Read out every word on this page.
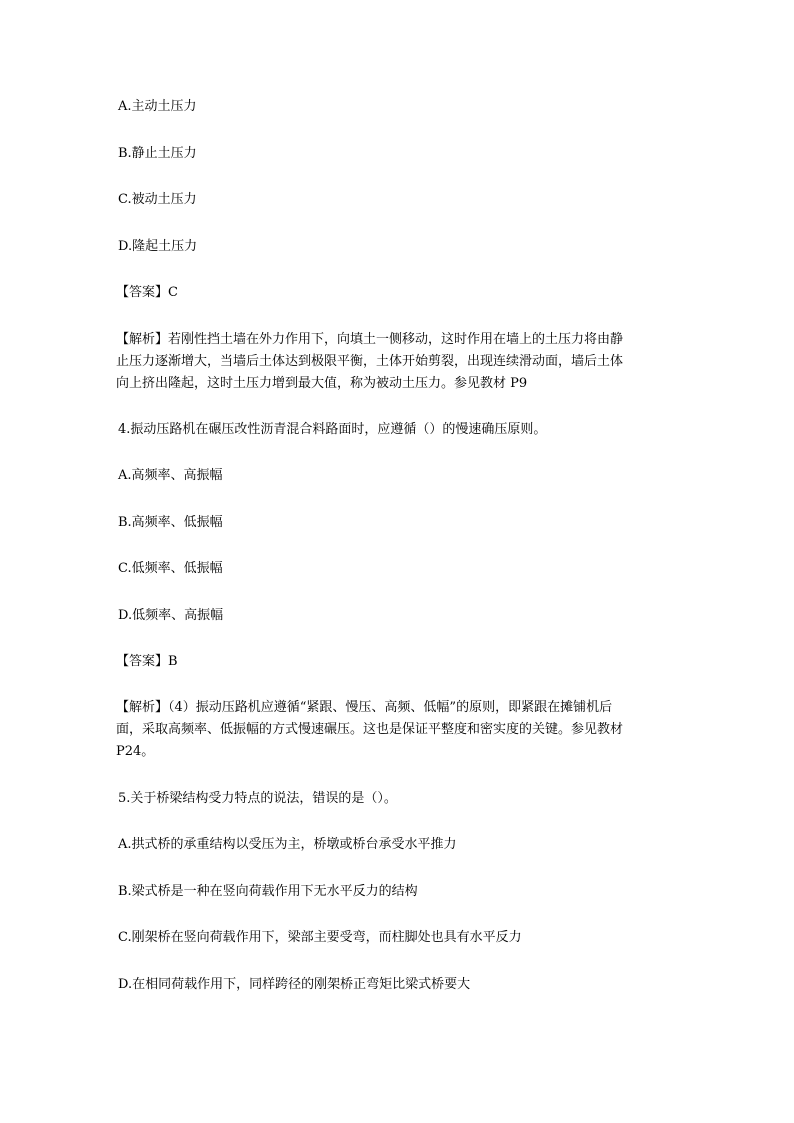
A.主动土压力
B.静止土压力
C.被动土压力
D.隆起土压力
【答案】C
【解析】若刚性挡土墙在外力作用下，向填土一侧移动，这时作用在墙上的土压力将由静
止压力逐渐增大，当墙后土体达到极限平衡，土体开始剪裂，出现连续滑动面，墙后土体
向上挤出隆起，这时土压力增到最大值，称为被动土压力。参见教材 P9
4.振动压路机在碾压改性沥青混合料路面时，应遵循（）的慢速确压原则。
A.高频率、高振幅
B.高频率、低振幅
C.低频率、低振幅
D.低频率、高振幅
【答案】B
【解析】（4）振动压路机应遵循“紧跟、慢压、高频、低幅”的原则，即紧跟在摊铺机后
面，采取高频率、低振幅的方式慢速碾压。这也是保证平整度和密实度的关键。参见教材
P24。
5.关于桥梁结构受力特点的说法，错误的是（）。
A.拱式桥的承重结构以受压为主，桥墩或桥台承受水平推力
B.梁式桥是一种在竖向荷载作用下无水平反力的结构
C.刚架桥在竖向荷载作用下，梁部主要受弯，而柱脚处也具有水平反力
D.在相同荷载作用下，同样跨径的刚架桥正弯矩比梁式桥要大
